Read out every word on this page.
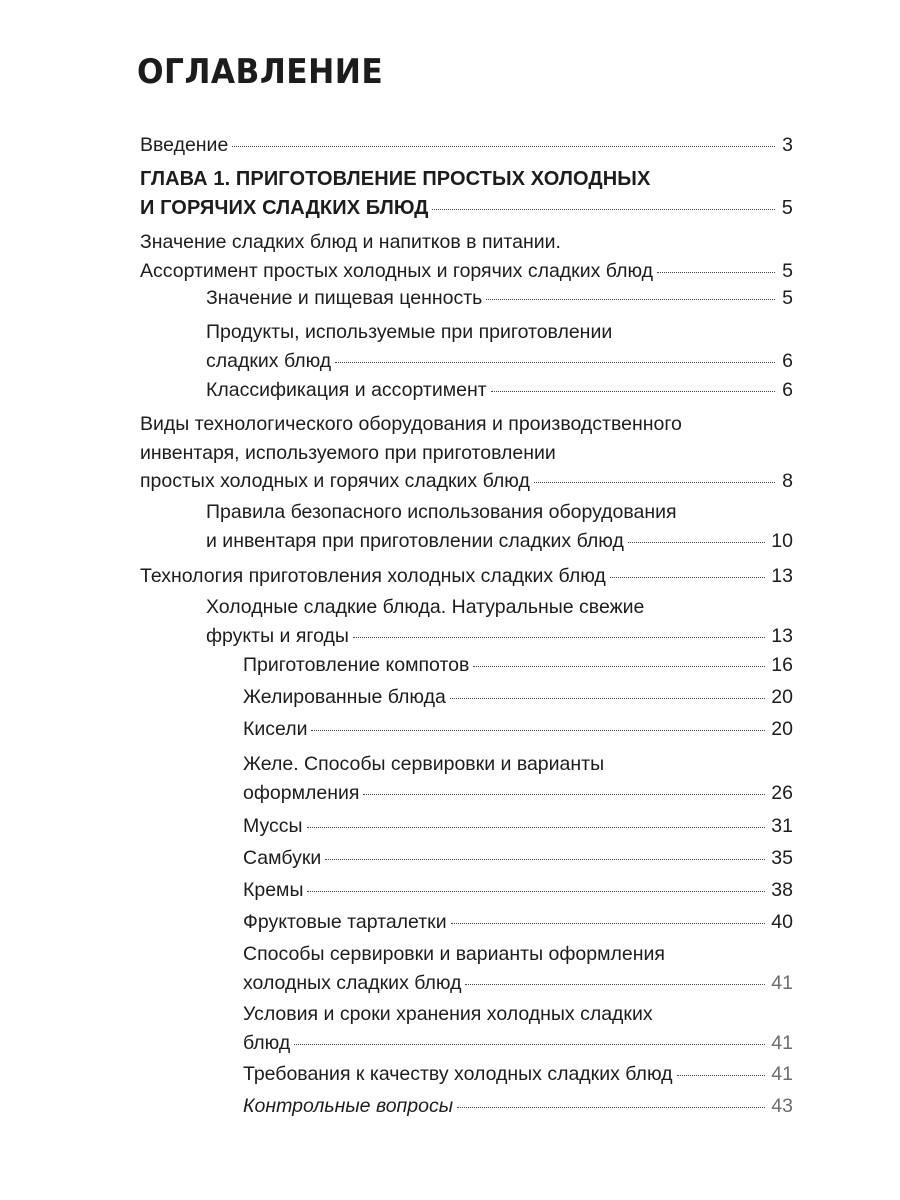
ОГЛАВЛЕНИЕ
Введение	3
ГЛАВА 1. ПРИГОТОВЛЕНИЕ ПРОСТЫХ ХОЛОДНЫХ
И ГОРЯЧИХ СЛАДКИХ БЛЮД	5
Значение сладких блюд и напитков в питании.
Ассортимент простых холодных и горячих сладких блюд	5
Значение и пищевая ценность	5
Продукты, используемые при приготовлении
сладких блюд	6
Классификация и ассортимент	6
Виды технологического оборудования и производственного
инвентаря, используемого при приготовлении
простых холодных и горячих сладких блюд	8
Правила безопасного использования оборудования
и инвентаря при приготовлении сладких блюд	10
Технология приготовления холодных сладких блюд	13
Холодные сладкие блюда. Натуральные свежие
фрукты и ягоды	13
Приготовление компотов	16
Желированные блюда	20
Кисели	20
Желе. Способы сервировки и варианты
оформления	26
Муссы	31
Самбуки	35
Кремы	38
Фруктовые тарталетки	40
Способы сервировки и варианты оформления
холодных сладких блюд	41
Условия и сроки хранения холодных сладких
блюд	41
Требования к качеству холодных сладких блюд	41
Контрольные вопросы	43
